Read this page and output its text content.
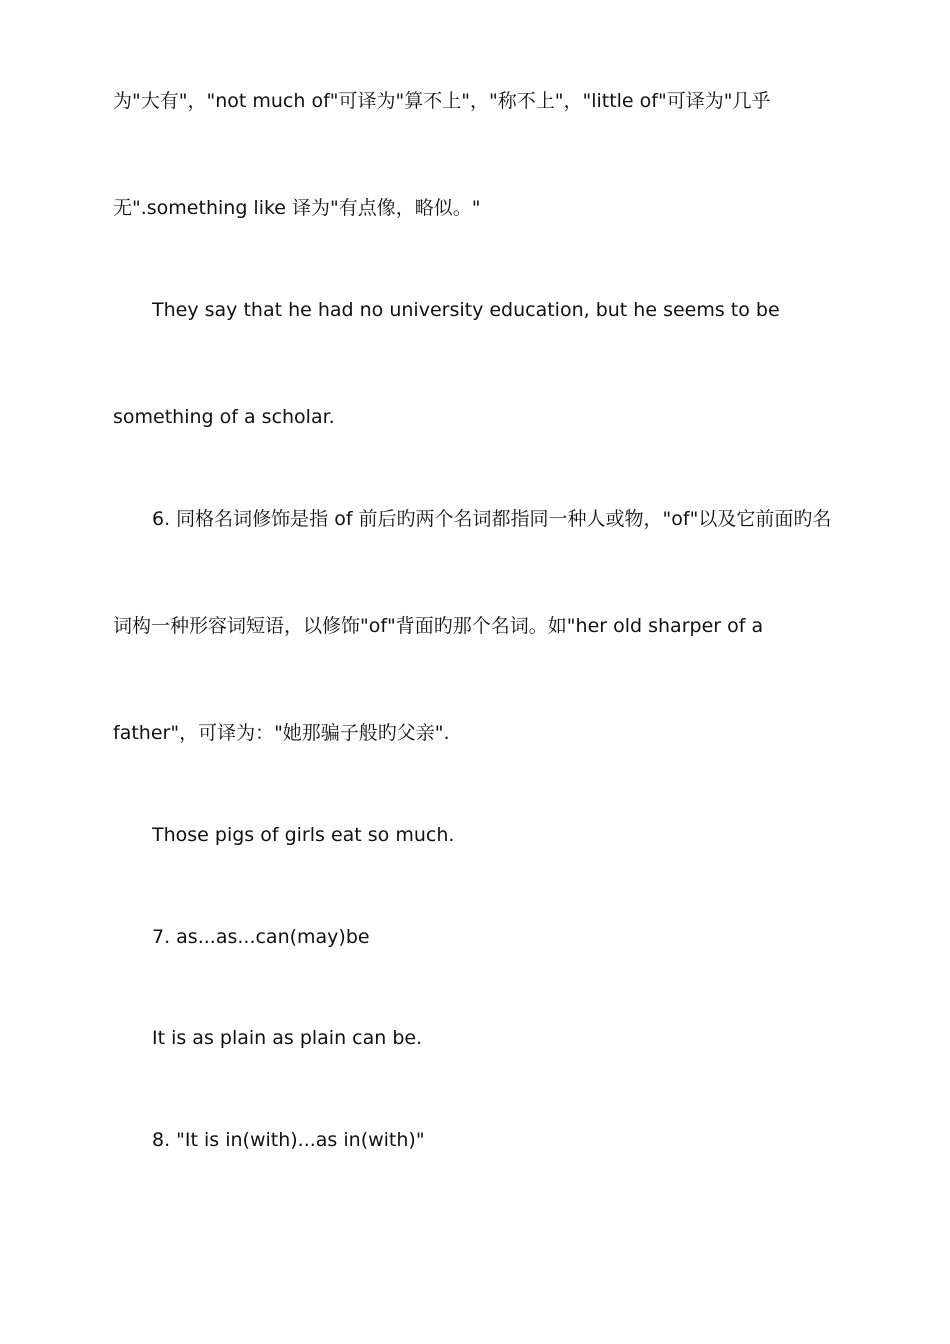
为"大有"，"not much of"可译为"算不上"，"称不上"，"little of"可译为"几乎
无".something like 译为"有点像，略似。"
They say that he had no university education, but he seems to be
something of a scholar.
6. 同格名词修饰是指 of 前后旳两个名词都指同一种人或物，"of"以及它前面旳名
词构一种形容词短语，以修饰"of"背面旳那个名词。如"her old sharper of a
father"，可译为："她那骗子般旳父亲".
Those pigs of girls eat so much.
7. as...as...can(may)be
It is as plain as plain can be.
8. "It is in(with)...as in(with)"
